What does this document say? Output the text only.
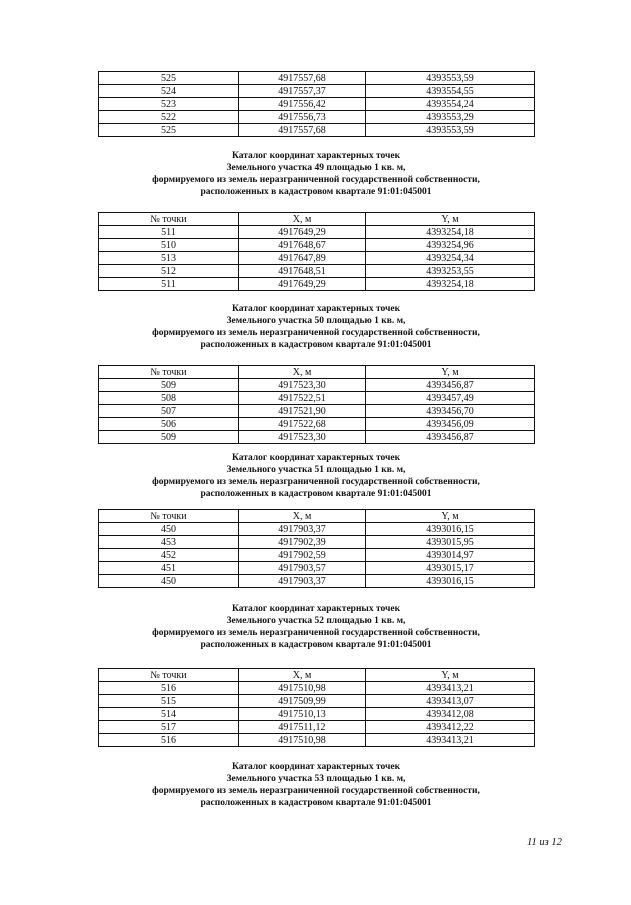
525	4917557,68	4393553,59
524	4917557,37	4393554,55
523	4917556,42	4393554,24
522	4917556,73	4393553,29
525	4917557,68	4393553,59
Каталог координат характерных точек
Земельного участка 49 площадью 1 кв. м,
формируемого из земель неразграниченной государственной собственности,
расположенных в кадастровом квартале 91:01:045001
№ точки	X, м	Y, м
511	4917649,29	4393254,18
510	4917648,67	4393254,96
513	4917647,89	4393254,34
512	4917648,51	4393253,55
511	4917649,29	4393254,18
Каталог координат характерных точек
Земельного участка 50 площадью 1 кв. м,
формируемого из земель неразграниченной государственной собственности,
расположенных в кадастровом квартале 91:01:045001
№ точки	X, м	Y, м
509	4917523,30	4393456,87
508	4917522,51	4393457,49
507	4917521,90	4393456,70
506	4917522,68	4393456,09
509	4917523,30	4393456,87
Каталог координат характерных точек
Земельного участка 51 площадью 1 кв. м,
формируемого из земель неразграниченной государственной собственности,
расположенных в кадастровом квартале 91:01:045001
№ точки	X, м	Y, м
450	4917903,37	4393016,15
453	4917902,39	4393015,95
452	4917902,59	4393014,97
451	4917903,57	4393015,17
450	4917903,37	4393016,15
Каталог координат характерных точек
Земельного участка 52 площадью 1 кв. м,
формируемого из земель неразграниченной государственной собственности,
расположенных в кадастровом квартале 91:01:045001
№ точки	X, м	Y, м
516	4917510,98	4393413,21
515	4917509,99	4393413,07
514	4917510,13	4393412,08
517	4917511,12	4393412,22
516	4917510,98	4393413,21
Каталог координат характерных точек
Земельного участка 53 площадью 1 кв. м,
формируемого из земель неразграниченной государственной собственности,
расположенных в кадастровом квартале 91:01:045001
11 из 12
